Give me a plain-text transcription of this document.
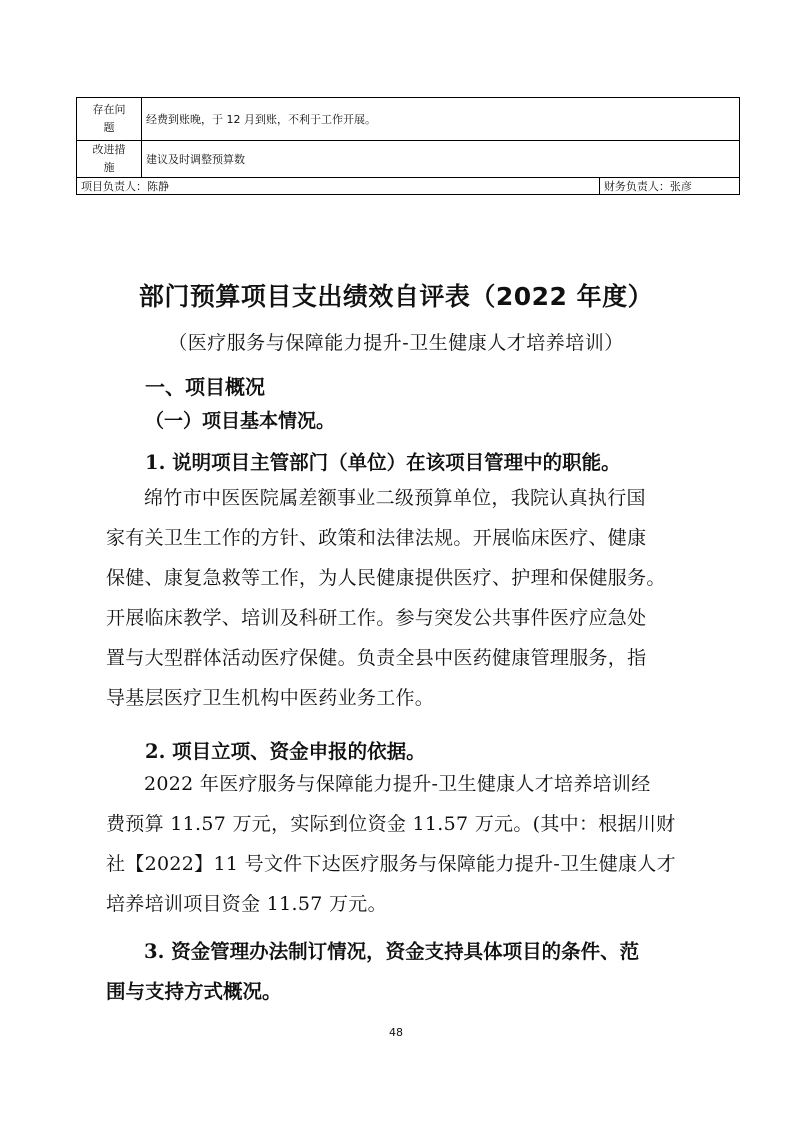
存在问
题	经费到账晚，于 12 月到账，不利于工作开展。	
改进措
施	建议及时调整预算数	
项目负责人：陈静		财务负责人：张彦
部门预算项目支出绩效自评表（2022 年度）
（医疗服务与保障能力提升-卫生健康人才培养培训）
一、项目概况
（一）项目基本情况。
1. 说明项目主管部门（单位）在该项目管理中的职能。
绵竹市中医医院属差额事业二级预算单位，我院认真执行国
家有关卫生工作的方针、政策和法律法规。开展临床医疗、健康
保健、康复急救等工作，为人民健康提供医疗、护理和保健服务。
开展临床教学、培训及科研工作。参与突发公共事件医疗应急处
置与大型群体活动医疗保健。负责全县中医药健康管理服务，指
导基层医疗卫生机构中医药业务工作。
2. 项目立项、资金申报的依据。
2022 年医疗服务与保障能力提升-卫生健康人才培养培训经
费预算 11.57 万元，实际到位资金 11.57 万元。(其中：根据川财
社【2022】11 号文件下达医疗服务与保障能力提升-卫生健康人才
培养培训项目资金 11.57 万元。
3. 资金管理办法制订情况，资金支持具体项目的条件、范
围与支持方式概况。
48
